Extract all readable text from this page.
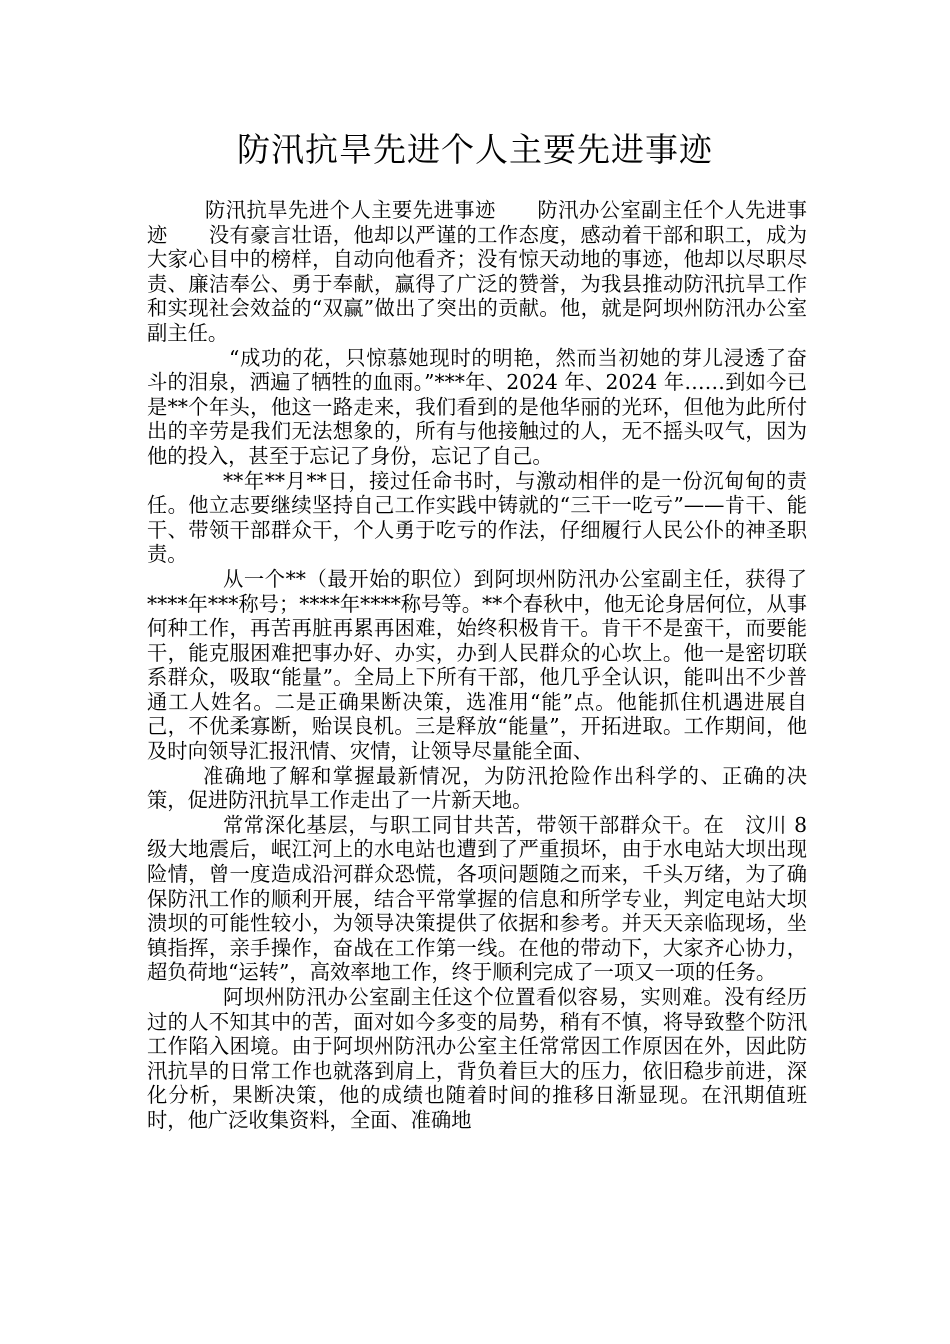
防汛抗旱先进个人主要先进事迹

防汛抗旱先进个人主要先进事迹　　防汛办公室副主任个人先进事迹　　没有豪言壮语，他却以严谨的工作态度，感动着干部和职工，成为大家心目中的榜样，自动向他看齐；没有惊天动地的事迹，他却以尽职尽责、廉洁奉公、勇于奉献，赢得了广泛的赞誉，为我县推动防汛抗旱工作和实现社会效益的“双赢”做出了突出的贡献。他，就是阿坝州防汛办公室副主任。

“成功的花，只惊慕她现时的明艳，然而当初她的芽儿浸透了奋斗的泪泉，洒遍了牺牲的血雨。”***年、2024 年、2024 年……到如今已是**个年头，他这一路走来，我们看到的是他华丽的光环，但他为此所付出的辛劳是我们无法想象的，所有与他接触过的人，无不摇头叹气，因为他的投入，甚至于忘记了身份，忘记了自己。

**年**月**日，接过任命书时，与激动相伴的是一份沉甸甸的责任。他立志要继续坚持自己工作实践中铸就的“三干一吃亏”——肯干、能干、带领干部群众干，个人勇于吃亏的作法，仔细履行人民公仆的神圣职责。

从一个**（最开始的职位）到阿坝州防汛办公室副主任，获得了****年***称号；****年****称号等。**个春秋中，他无论身居何位，从事何种工作，再苦再脏再累再困难，始终积极肯干。肯干不是蛮干，而要能干，能克服困难把事办好、办实，办到人民群众的心坎上。他一是密切联系群众，吸取“能量”。全局上下所有干部，他几乎全认识，能叫出不少普通工人姓名。二是正确果断决策，选准用“能”点。他能抓住机遇进展自己，不优柔寡断，贻误良机。三是释放“能量”，开拓进取。工作期间，他及时向领导汇报汛情、灾情，让领导尽量能全面、

准确地了解和掌握最新情况，为防汛抢险作出科学的、正确的决策，促进防汛抗旱工作走出了一片新天地。

常常深化基层，与职工同甘共苦，带领干部群众干。在　汶川 8 级大地震后，岷江河上的水电站也遭到了严重损坏，由于水电站大坝出现险情，曾一度造成沿河群众恐慌，各项问题随之而来，千头万绪，为了确保防汛工作的顺利开展，结合平常掌握的信息和所学专业，判定电站大坝溃坝的可能性较小，为领导决策提供了依据和参考。并天天亲临现场，坐镇指挥，亲手操作，奋战在工作第一线。在他的带动下，大家齐心协力，超负荷地“运转”，高效率地工作，终于顺利完成了一项又一项的任务。

阿坝州防汛办公室副主任这个位置看似容易，实则难。没有经历过的人不知其中的苦，面对如今多变的局势，稍有不慎，将导致整个防汛工作陷入困境。由于阿坝州防汛办公室主任常常因工作原因在外，因此防汛抗旱的日常工作也就落到肩上，背负着巨大的压力，依旧稳步前进，深化分析，果断决策，他的成绩也随着时间的推移日渐显现。在汛期值班时，他广泛收集资料，全面、准确地
